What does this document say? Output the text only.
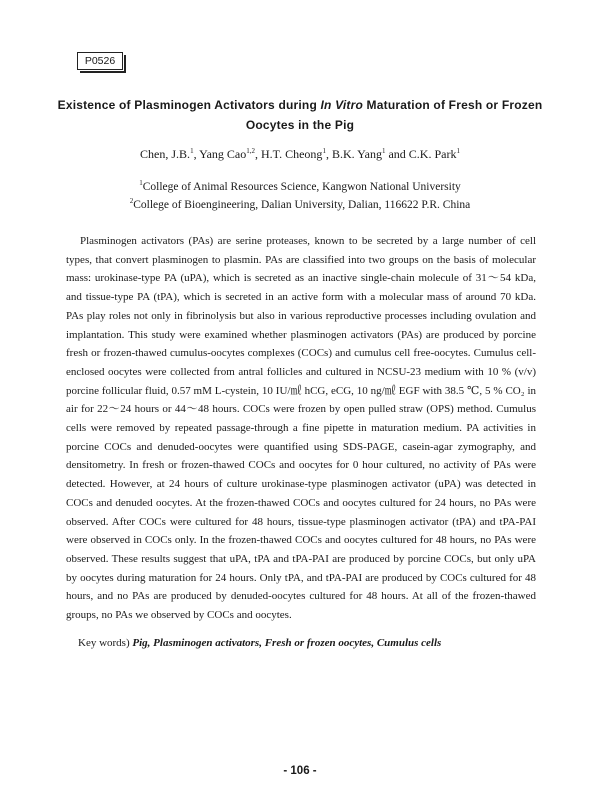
P0526
Existence of Plasminogen Activators during In Vitro Maturation of Fresh or Frozen Oocytes in the Pig
Chen, J.B.$^1$, Yang Cao$^{1,2}$, H.T. Cheong$^1$, B.K. Yang$^1$ and C.K. Park$^1$
$^1$College of Animal Resources Science, Kangwon National University
$^2$College of Bioengineering, Dalian University, Dalian, 116622 P.R. China
Plasminogen activators (PAs) are serine proteases, known to be secreted by a large number of cell types, that convert plasminogen to plasmin. PAs are classified into two groups on the basis of molecular mass: urokinase-type PA (uPA), which is secreted as an inactive single-chain molecule of 31～54 kDa, and tissue-type PA (tPA), which is secreted in an active form with a molecular mass of around 70 kDa. PAs play roles not only in fibrinolysis but also in various reproductive processes including ovulation and implantation. This study were examined whether plasminogen activators (PAs) are produced by porcine fresh or frozen-thawed cumulus-oocytes complexes (COCs) and cumulus cell free-oocytes. Cumulus cell-enclosed oocytes were collected from antral follicles and cultured in NCSU-23 medium with 10 % (v/v) porcine follicular fluid, 0.57 mM L-cystein, 10 IU/㎖ hCG, eCG, 10 ng/㎖ EGF with 38.5 ℃, 5 % CO₂ in air for 22～24 hours or 44～48 hours. COCs were frozen by open pulled straw (OPS) method. Cumulus cells were removed by repeated passage-through a fine pipette in maturation medium. PA activities in porcine COCs and denuded-oocytes were quantified using SDS-PAGE, casein-agar zymography, and densitometry. In fresh or frozen-thawed COCs and oocytes for 0 hour cultured, no activity of PAs were detected. However, at 24 hours of culture urokinase-type plasminogen activator (uPA) was detected in COCs and denuded oocytes. At the frozen-thawed COCs and oocytes cultured for 24 hours, no PAs were observed. After COCs were cultured for 48 hours, tissue-type plasminogen activator (tPA) and tPA-PAI were observed in COCs only. In the frozen-thawed COCs and oocytes cultured for 48 hours, no PAs were observed. These results suggest that uPA, tPA and tPA-PAI are produced by porcine COCs, but only uPA by oocytes during maturation for 24 hours. Only tPA, and tPA-PAI are produced by COCs cultured for 48 hours, and no PAs are produced by denuded-oocytes cultured for 48 hours. At all of the frozen-thawed groups, no PAs we observed by COCs and oocytes.
Key words) Pig, Plasminogen activators, Fresh or frozen oocytes, Cumulus cells
- 106 -
